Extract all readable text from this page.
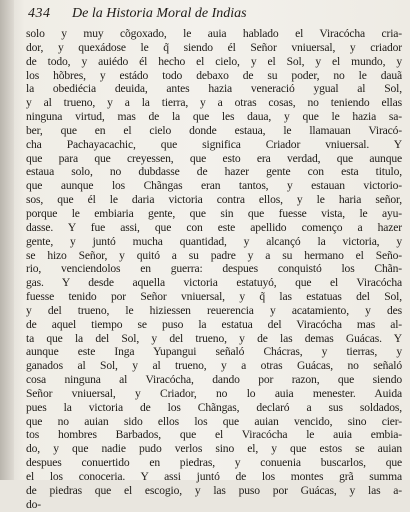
434	De la Historia Moral de Indias
solo y muy cõgoxado, le auia hablado el Viracócha cria-
dor, y quexádose le q̃ siendo él Señor vniuersal, y criador
de todo, y auiédo él hecho el cielo, y el Sol, y el mundo, y
los hõbres, y estádo todo debaxo de su poder, no le dauã
la obediécia deuida, antes hazia veneració ygual al Sol,
y al trueno, y a la tierra, y a otras cosas, no teniendo ellas
ninguna virtud, mas de la que les daua, y que le hazia sa-
ber, que en el cielo donde estaua, le llamauan Viracó-
cha Pachayacachic, que significa Criador vniuersal. Y
que para que creyessen, que esto era verdad, que aunque
estaua solo, no dubdasse de hazer gente con esta titulo,
que aunque los Chãngas eran tantos, y estauan victorio-
sos, que él le daria victoria contra ellos, y le haria señor,
porque le embiaria gente, que sin que fuesse vista, le ayu-
dasse. Y fue assi, que con este apellido començo a hazer
gente, y juntó mucha quantidad, y alcançó la victoria, y
se hizo Señor, y quitó a su padre y a su hermano el Seño-
rio, venciendolos en guerra: despues conquistó los Chãn-
gas. Y desde aquella victoria estatuyó, que el Viracócha
fuesse tenido por Señor vniuersal, y q̃ las estatuas del Sol,
y del trueno, le hiziessen reuerencia y acatamiento, y des
de aquel tiempo se puso la estatua del Viracócha mas al-
ta que la del Sol, y del trueno, y de las demas Guácas. Y
aunque este Inga Yupangui señaló Chácras, y tierras, y
ganados al Sol, y al trueno, y a otras Guácas, no señaló
cosa ninguna al Viracócha, dando por razon, que siendo
Señor vniuersal, y Criador, no lo auia menester. Auida
pues la victoria de los Chãngas, declaró a sus soldados,
que no auian sido ellos los que auian vencido, sino cier-
tos hombres Barbados, que el Viracócha le auia embia-
do, y que nadie pudo verlos sino el, y que estos se auian
despues conuertido en piedras, y conuenia buscarlos, que
el los conoceria. Y assi juntó de los montes grã summa
de piedras que el escogio, y las puso por Guácas, y las a-
do-
